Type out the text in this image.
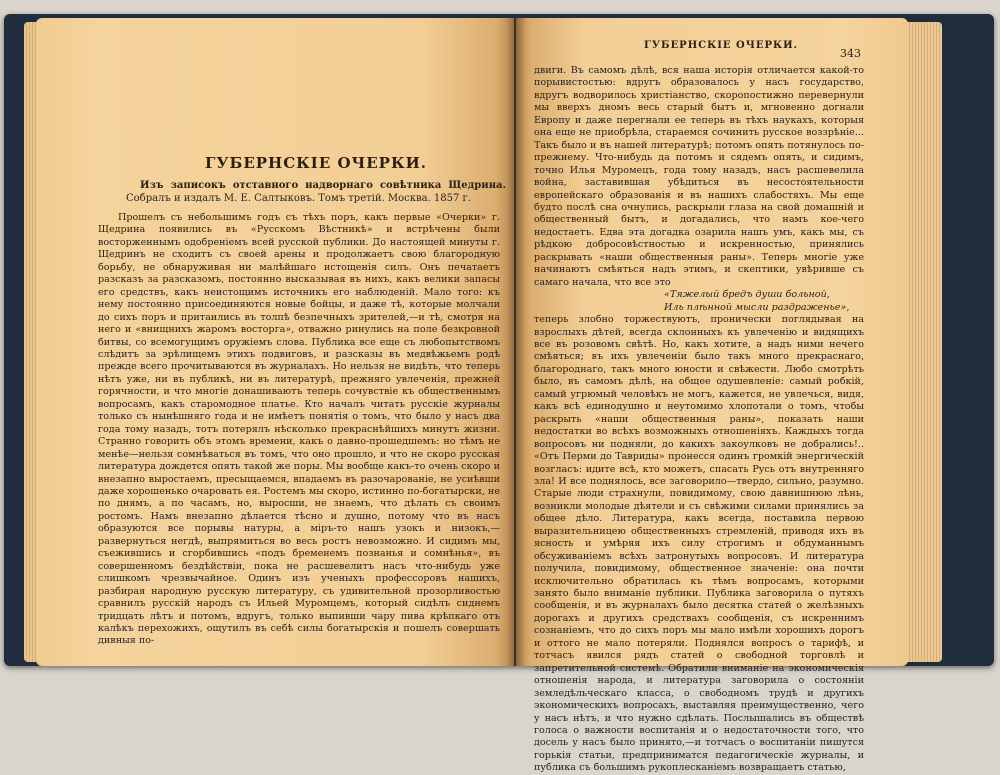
ГУБЕРНСКІЕ ОЧЕРКИ.
Изъ записокъ отставного надворнаго совѣтника Щедрина. Собралъ и издалъ М. Е. Салтыковъ. Томъ третій. Москва. 1857 г.

Прошелъ съ небольшимъ годъ съ тѣхъ поръ, какъ первые «Очерки» г. Щедрина появились въ «Русскомъ Вѣстникѣ» и встрѣчены были восторженнымъ одобреніемъ всей русской публики. До настоящей минуты г. Щедринъ не сходитъ съ своей арены и продолжаетъ свою благородную борьбу, не обнаруживая ни малѣйшаго истощенія силъ. Онъ печатаетъ разсказъ за разсказомъ, постоянно высказывая въ нихъ, какъ велики запасы его средствъ, какъ неистощимъ источникъ его наблюденій. Мало того: къ нему постоянно присоединяются новые бойцы, и даже тѣ, которые молчали до сихъ поръ и притаились въ толпѣ безпечныхъ зрителей,—и тѣ, смотря на него и «внищнихъ жаромъ восторга», отважно ринулись на поле безкровной битвы, со всемогущимъ оружіемъ слова. Публика все еще съ любопытствомъ слѣдитъ за эрѣлищемъ этихъ подвиговъ, и разсказы въ медвѣжьемъ родѣ прежде всего прочитываются въ журналахъ. Но нельзя не видѣть, что теперь нѣтъ уже, ни въ публикѣ, ни въ литературѣ, прежняго увлеченія, прежней горячности, и что многіе донашиваютъ теперь сочувствіе къ общественнымъ вопросамъ, какъ старомодное платье. Кто началъ читать русскіе журналы только съ нынѣшняго года и не имѣетъ понятія о томъ, что было у насъ два года тому назадъ, тотъ потерялъ нѣсколько прекраснѣйшихъ минутъ жизни. Странно говорить объ этомъ времени, какъ о давно-прошедшемъ: но тѣмъ не менѣе—нельзя сомнѣваться въ томъ, что оно прошло, и что не скоро русская литература дождется опять такой же поры. Мы вообще какъ-то очень скоро и внезапно выростаемъ, пресыщаемся, впадаемъ въ разочарованіе, не усиѣвши даже хорошенько очаровать ея. Ростемъ мы скоро, истинно по-богатырски, не по днямъ, а по часамъ, но, выросши, не знаемъ, что дѣлать съ своимъ ростомъ. Намъ внезапно дѣлается тѣсно и душно, потому что въ насъ образуются все порывы натуры, а міръ-то нашъ узокъ и низокъ,—развернуться негдѣ, выпрямиться во весь ростъ невозможно. И сидимъ мы, съежившись и сгорбившись «подъ бременемъ познанья и сомнѣнья», въ совершенномъ бездѣйствіи, пока не расшевелитъ насъ что-нибудь уже слишкомъ чрезвычайное. Одинъ изъ ученыхъ профессоровъ нашихъ, разбирая народную русскую литературу, съ удивительной прозорливостью сравнилъ русскій народъ съ Ильей Муромцемъ, который сидѣлъ сиднемъ тридцать лѣтъ и потомъ, вдругъ, только выпивши чару пива крѣпкаго отъ калѣкъ перехожихъ, ощутилъ въ себѣ силы богатырскія и пошелъ совершать дивныя по-

ГУБЕРНСКІЕ ОЧЕРКИ.
343

двиги. Въ самомъ дѣлѣ, вся наша исторія отличается какой-то порывистостью: вдругъ образовалось у насъ государство, вдругъ водворилось христіанство, скоропостижно перевернули мы вверхъ дномъ весь старый бытъ и, мгновенно догнали Европу и даже перегнали ее теперь въ тѣхъ наукахъ, которыя она еще не приобрѣла, стараемся сочинить русское воззрѣніе... Такъ было и въ нашей литературѣ; потомъ опять потянулось по-прежнему. Что-нибудь да потомъ и сядемъ опять, и сидимъ, точно Илья Муромецъ, года тому назадъ, насъ расшевелила война, заставившая убѣдиться въ несостоятельности европейскаго образованія и въ нашихъ слабостяхъ. Мы еще будто послѣ сна очнулись, раскрыли глаза на свой домашній и общественный бытъ, и догадались, что намъ кое-чего недостаетъ. Едва эта догадка озарила нашъ умъ, какъ мы, съ рѣдкою добросовѣстностью и искренностью, принялись раскрывать «наши общественныя раны». Теперь многіе уже начинаютъ смѣяться надъ этимъ, и скептики, увѣривше съ самаго начала, что все это

«Тяжелый бредъ души больной,

Иль плѣнной мысли раздраженье»,

теперь злобно торжествуютъ, пронически поглядывая на взрослыхъ дѣтей, всегда склонныхъ къ увлеченію и видящихъ все въ розовомъ свѣтѣ. Но, какъ хотите, а надъ ними нечего смѣяться; въ ихъ увлеченіи было такъ много прекраснаго, благороднаго, такъ много юности и свѣжести. Любо смотрѣть было, въ самомъ дѣлѣ, на общее одушевленіе: самый робкій, самый угрюмый человѣкъ не могъ, кажется, не увлечься, видя, какъ всѣ единодушно и неутомимо хлопотали о томъ, чтобы раскрыть «наши общественныя раны», показать наши недостатки во всѣхъ возможныхъ отношеніяхъ. Каждыхъ тогда вопросовъ ни подняли, до какихъ закоулковъ не добрались!.. «Отъ Перми до Тавриды» пронесся одинъ громкій энергическій возгласъ: идите всѣ, кто можетъ, спасать Русь отъ внутренняго зла! И все поднялось, все заговорило—твердо, сильно, разумно. Старые люди страхнули, повидимому, свою давнишнюю лѣнь, возникли молодые дѣятели и съ свѣжими силами принялись за общее дѣло. Литература, какъ всегда, поставила первою выразительницею общественныхъ стремленій, приводя ихъ въ ясность и умѣряя ихъ силу строгимъ и обдуманнымъ обсуживаніемъ всѣхъ затронутыхъ вопросовъ. И литература получила, повидимому, общественное значеніе: она почти исключительно обратилась къ тѣмъ вопросамъ, которыми занято было вниманіе публики. Публика заговорила о путяхъ сообщенія, и въ журналахъ было десятка статей о желѣзныхъ дорогахъ и другихъ средствахъ сообщенія, съ искреннимъ сознаніемъ, что до сихъ поръ мы мало имѣли хорошихъ дорогъ и оттого не мало потеряли. Поднялся вопросъ о тарифѣ, и тотчасъ явился рядъ статей о свободной торговлѣ и запретительной системѣ. Обратили вниманіе на экономическія отношенія народа, и литература заговорила о состояніи земледѣльческаго класса, о свободномъ трудѣ и другихъ экономическихъ вопросахъ, выставляя преимущественно, чего у насъ нѣтъ, и что нужно сдѣлать. Послышались въ обществѣ голоса о важности воспитанія и о недостаточности того, что досель у насъ было принято,—и тотчасъ о воспитаніи пишутся горькія статьи, предприниматся педагогическіе журналы, и публика съ большимъ рукоплесканіемъ возвращаетъ статью,
